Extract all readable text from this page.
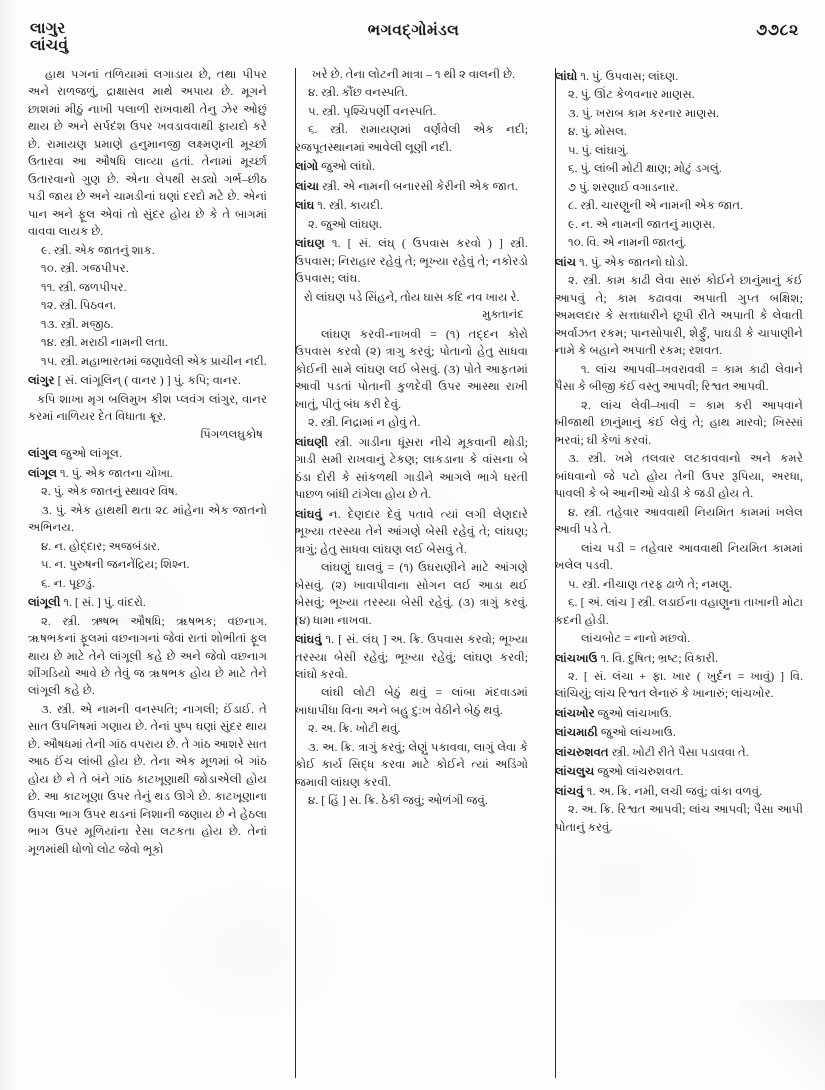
લાગુર
લાંચવું
ભગવદ્ગોમંડલ	૭૭૮૨

હાથ પગનાં તળિયામાં લગાડાય છે, તથા પીપર અને રાળજળું, દ્રાક્ષાસવ માથે અપાય છે. મૂગને છાશમાં મીઠું નાખી પલાળી રાખવાથી તેનુ ઝેર ઓછું થાય છે અને સર્પદંશ ઉપર ખવડાવવાથી ફાયદો કરે છે. રામાયણ પ્રમાણે હનુમાનજી લક્ષ્મણની મૂર્ચ્છા ઉતારવા આ ઔષધિ લાવ્યા હતાં. તેનામાં મૂર્ચ્છા ઉતારવાનો ગુણ છે. એના લેપથી સડ્યો ગર્ભ–છીઠ પડી જાય છે અને ચામડીનાં ઘણાં દરદો મટે છે. એનાં પાન અને ફૂલ એવાં તો સુંદર હોય છે કે તે બાગમાં વાવવા લાયક છે.

૯. સ્ત્રી. એક જાતનું શાક.

૧૦. સ્ત્રી. ગજપીપર.

૧૧. સ્ત્રી. જળપીપર.

૧૨. સ્ત્રી. પિઠવન.

૧૩. સ્ત્રી. મજીઠ.

૧૪. સ્ત્રી. મરાઠી નામની લતા.

૧૫. સ્ત્રી. મહાભારતમાં જણાવેલી એક પ્રાચીન નદી.

લાંગુર [ સં. લાંગૂલિન્ ( વાનર ) ] પું. કપિ; વાનર.

કપિ શાખા મૃગ બલિમુખ કીશ પ્લવંગ લાંગુર, વાનર કરમાં નાળિયર દેત વિધાતા ક્રૂર.

પિંગળલઘુકોષ

લાંગુલ જુઓ લાંગૂલ.

લાંગૂલ ૧. પું. એક જાતના ચોખા.

૨. પું. એક જાતનું સ્થાવર વિષ.

૩. પું. એક હાથથી થતા ૨૮ માંહેના એક જાતનો અભિનય.

૪. ન. હોદ્દાર; અજબંડાર.

૫. ન. પુરુષની જનનેંદ્રિય; શિશ્ન.

૬. ન. પૂછડું.

લાંગૂલી ૧. [ સં. ] પું. વાંદરો.

૨. સ્ત્રી. ઋષભ ઔષધિ; ૠષભક; વછનાગ. ૠષભકનાં ફૂલમાં વછનાગનાં જેવાં રાતાં શોભીતાં ફૂલ થાય છે માટે તેને લાંગૂલી કહે છે અને જેવો વછનાગ શીંગડિયો આવે છે તેવું જ ૠષભક હોય છે માટે તેને લાંગૂલી કહે છે.

૩. સ્ત્રી. એ નામની વનસ્પતિ; નાગલી; ઈંડાઈ. તે સાત ઉપનિષમાં ગણાય છે. તેનાં પુષ્પ ઘણાં સુંદર થાય છે. ઔષધમાં તેની ગાંઠ વપરાય છે. તે ગાંઠ આશરે સાત આઠ ઈંચ લાંબી હોય છે. તેના એક મૂળમાં બે ગાંઠ હોય છે ને તે બંને ગાંઠ કાટખૂણાથી જોડાએલી હોય છે. આ કાટખૂણા ઉપર તેનું થડ ઊગે છે. કાટખૂણાના ઉપલા ભાગ ઉપર થડનાં નિશાની જણાય છે ને હેઠલા ભાગ ઉપર મૂળિયાંના રેસા લટકતા હોય છે. તેનાં મૂળમાંથી ધોળો લોટ જેવો ભૂકો

ખરે છે. તેના લોટની માત્રા – ૧ થી ૨ વાલની છે.

૪. સ્ત્રી. કૌંછ વનસ્પતિ.

૫. સ્ત્રી. પૃશ્ચિપર્ણી વનસ્પતિ.

૬. સ્ત્રી. રામાયણમાં વર્ણવેલી એક નદી; રજપૂતસ્થાનમાં આવેલી લૂણી નદી.

લાંગો જુઓ લાંઘો.

લાંચા સ્ત્રી. એ નામની બનારસી કેરીની એક જાત.

લાંઘ ૧. સ્ત્રી. કાયદી.

૨. જુઓ લાંઘણ.

લાંઘણ ૧. [ સં. લંઘ્ ( ઉપવાસ કરવો ) ] સ્ત્રી. ઉપવાસ; નિરાહાર રહેવું તે; ભૂખ્યા રહેવું તે; નકોરડો ઉપવાસ; લાંઘ.

રો લાંઘણ પડે સિંહને, તોય ઘાસ કદિ નવ ખાય રે.

મુક્તાનંદ

લાંઘણ કરવી-નાખવી = (૧) તદ્દન કોરો ઉપવાસ કરવો (૨) ત્રાગુ કરવું; પોતાનો હેતુ સાધવા કોઈની સામે લાંઘણ લઈ બેસવું. (૩) પોતે આફતમાં આવી પડતાં પોતાની કુળદેવી ઉપર આસ્થા રાખી ખાતું, પીતું બંધ કરી દેવું.

૨. સ્ત્રી. નિદ્રામાં ન હોવું તે.

લાંઘણી સ્ત્રી. ગાડીના ધૂંસરા નીચે મૂકવાની થોડી; ગાડી સમી રાખવાનું ટેકણ; લાકડાના કે વાંસના બે ઠંડા દોરી કે સાંકળથી ગાડીને આગલે ભાગે ધરતી પાછળ બાંધી ટાંગેલા હોય છે તે.

લાંઘવું ન. દેણદાર દેવું પતાવે ત્યાં લગી લેણદારે ભૂખ્યા તરસ્યા તેને આંગણે બેસી રહેવું તે; લાંઘણ; ત્રાગું; હેતુ સાધવા લાંઘણ લઈ બેસવું તે.

લાંઘણું ઘાલવું = (૧) ઉઘરાણીને માટે આંગણે બેસવું. (૨) ખાવાપીવાના સોગન લઈ આડા થઈ બેસવું; ભૂખ્યા તરસ્યા બેસી રહેવું. (૩) ત્રાગું કરવું. (૪) ધામા નાખવા.

લાંઘવું ૧. [ સં. લંઘ્ ] અ. ક્રિ. ઉપવાસ કરવો; ભૂખ્યા તરસ્યા બેસી રહેવું; ભૂખ્યા રહેવું; લાંઘણ કરવી; લાંઘો કરવો.

લાંઘી લોટી બેઠું થવું = લાંબા મંદવાડમાં ખાધાપીધા વિના અને બહુ દુ:ખ વેઠીને બેઠું થવું.

૨. અ. ક્રિ. ખોટી થવું.

૩. અ. ક્રિ. ત્રાગું કરવું; લેણું પકાવવા, લાગું લેવા કે કોઈ કાર્ય સિદ્ધ કરવા માટે કોઈને ત્યાં અડિંગો જમાવી લાંઘણ કરવી.

૪. [ હિં ] સ. ક્રિ. ઠેકી જવું; ઓળંગી જવું.

લાંઘો ૧. પું. ઉપવાસ; લાંઘ્ણ.

૨. પું. ઊંટ કેળવનાર માણસ.

૩. પું. ખરાબ કામ કરનાર માણસ.

૪. પું. મોસલ.

૫. પું. લાંઘાગું.

૬. પું. લાંબી મોટી ક્ષાણ; મોટું ડગલું.

૭ પું. શરણાઈ વગાડનાર.

૮. સ્ત્રી. ચારણુની એ નામની એક જાત.

૯. ન. એ નામની જાતનું માણસ.

૧૦. વિ. એ નામની જાતનું.

લાંચ ૧. પું. એક જાતનો ઘોડો.

૨. સ્ત્રી. કામ કાઢી લેવા સારું કોઈને છાનુંમાનું કંઈ આપવું તે; કામ કઢાવવા અપાતી ગુપ્ત બક્ષિશ; અમલદાર કે સત્તાધારીને છૂપી રીતે અપાતી કે લેવાતી અર્વાઝત રકમ; પાનસોપારી, શેર્ફું, પાઘડી કે ચાપાણીને નામે કે બહાને અપાતી રકમ; રશવત.

૧. લાંચ આપવી–ખવરાવવી = કામ કાઢી લેવાને પૈસા કે બીજી કંઈ વસ્તુ આપવી; રિશ્વત આપવી.

૨. લાંચ લેવી–ખાવી = કામ કરી આપવાને બીજાથી છાનુંમાનું કંઈ લેવું તે; હાથ મારવો; ખિસ્સાં ભરવાં; ઘી કેળાં કરવાં.

૩. સ્ત્રી. ખમે તલવાર લટકાવવાનો અને કમરે બાંધવાનો જે પટો હોય તેની ઉપર રૂપિયા, અરધા, પાવલી કે બે આનીઓ ચોડી કે જડી હોય તે.

૪. સ્ત્રી. તહેવાર આવવાથી નિયમિત કામમાં ખલેલ આવી પડે તે.

લાંચ પડી = તહેવાર આવવાથી નિયમિત કામમાં ખલેલ પડવી.

૫. સ્ત્રી. નીચાણ તરફ ઢાળે તે; નમણુ.

૬. [ અં. લાંચ ] સ્ત્રી. લડાઈના વહાણુના તાખાની મોટા કદની હોડી.

લાંચબોટ = નાનો મછવો.

લાંચખાઉ ૧. વિ. દુષિત; ભ્રષ્ટ; વિકારી.

૨. [ સં. લંચા + ફા. ખાર ( ખુર્દન = ખાવું) ] વિ. લાંચિયું; લાંચ રિશ્વત લેનારું કે ખાનારું; લાંચખોર.

લાંચખોર જુઓ લાંચખાઉ.

લાંચમાઠી જુઓ લાંચખાઉ.

લાંચરુશવત સ્ત્રી. ખોટી રીતે પૈસા પડાવવા તે.

લાંચલુચ જુઓ લાંચરુશવત.

લાંચવું ૧. અ. ક્રિ. નમી, લચી જવું; વાંકા વળવું.

૨. અ. ક્રિ. રિશ્વત આપવી; લાંચ આપવી; પૈસા આપી પોતાનું કરવું.
